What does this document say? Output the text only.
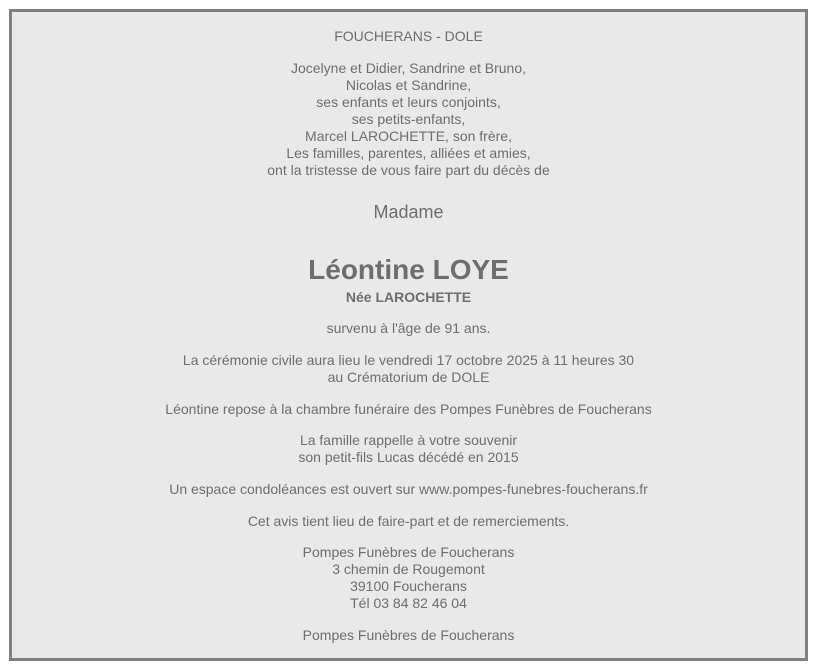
FOUCHERANS - DOLE
Jocelyne et Didier, Sandrine et Bruno,
Nicolas et Sandrine,
ses enfants et leurs conjoints,
ses petits-enfants,
Marcel LAROCHETTE, son frère,
Les familles, parentes, alliées et amies,
ont la tristesse de vous faire part du décès de
Madame
Léontine LOYE
Née LAROCHETTE
survenu à l'âge de 91 ans.
La cérémonie civile aura lieu le vendredi 17 octobre 2025 à 11 heures 30
au Crématorium de DOLE
Léontine repose à la chambre funéraire des Pompes Funèbres de Foucherans
La famille rappelle à votre souvenir
son petit-fils Lucas décédé en 2015
Un espace condoléances est ouvert sur www.pompes-funebres-foucherans.fr
Cet avis tient lieu de faire-part et de remerciements.
Pompes Funèbres de Foucherans
3 chemin de Rougemont
39100 Foucherans
Tél 03 84 82 46 04
Pompes Funèbres de Foucherans
